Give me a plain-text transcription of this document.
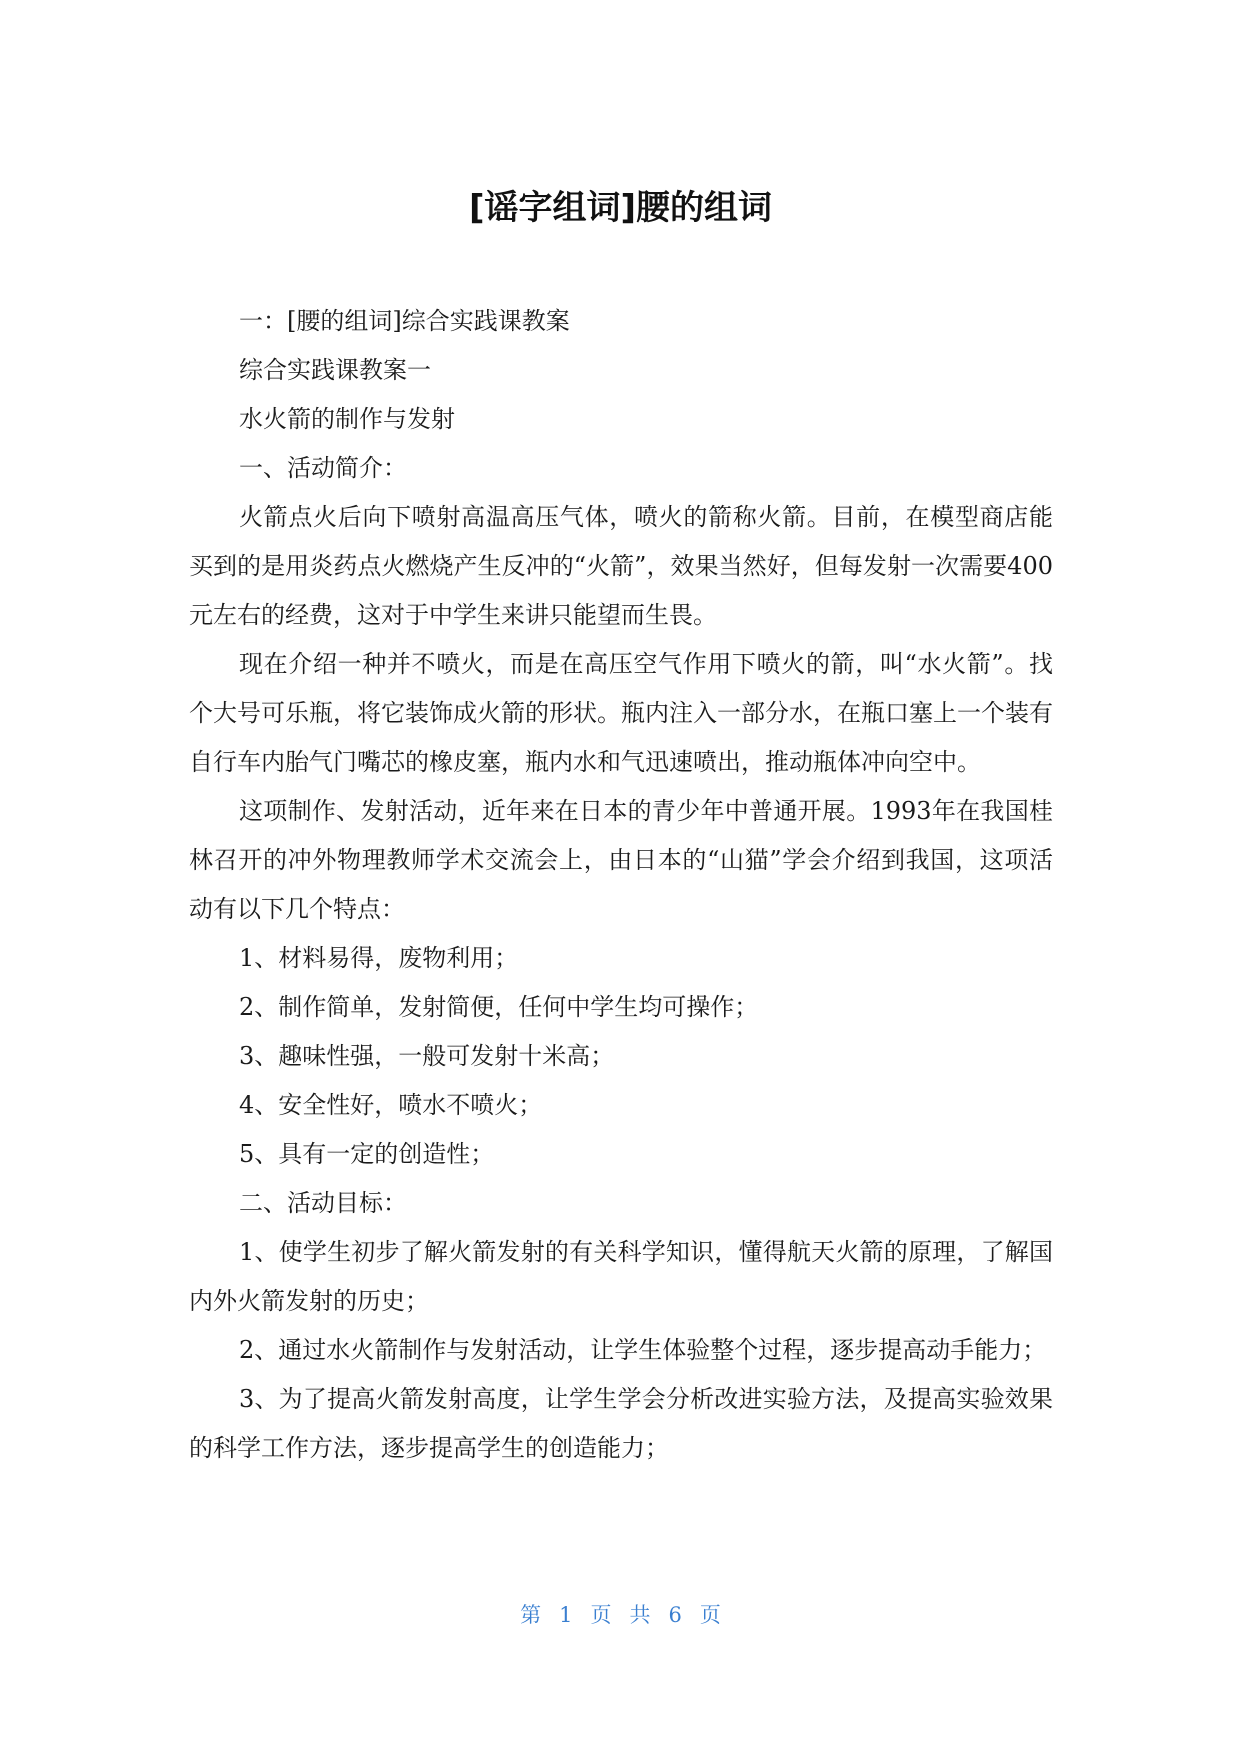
[谣字组词]腰的组词

一：[腰的组词]综合实践课教案

综合实践课教案一

水火箭的制作与发射

一、活动简介：

火箭点火后向下喷射高温高压气体，喷火的箭称火箭。目前，在模型商店能买到的是用炎药点火燃烧产生反冲的“火箭”，效果当然好，但每发射一次需要400元左右的经费，这对于中学生来讲只能望而生畏。

现在介绍一种并不喷火，而是在高压空气作用下喷火的箭，叫“水火箭”。找个大号可乐瓶，将它装饰成火箭的形状。瓶内注入一部分水，在瓶口塞上一个装有自行车内胎气门嘴芯的橡皮塞，瓶内水和气迅速喷出，推动瓶体冲向空中。

这项制作、发射活动，近年来在日本的青少年中普通开展。1993年在我国桂林召开的冲外物理教师学术交流会上，由日本的“山猫”学会介绍到我国，这项活动有以下几个特点：

1、材料易得，废物利用；

2、制作简单，发射简便，任何中学生均可操作；

3、趣味性强，一般可发射十米高；

4、安全性好，喷水不喷火；

5、具有一定的创造性；

二、活动目标：

1、使学生初步了解火箭发射的有关科学知识，懂得航天火箭的原理，了解国内外火箭发射的历史；

2、通过水火箭制作与发射活动，让学生体验整个过程，逐步提高动手能力；

3、为了提高火箭发射高度，让学生学会分析改进实验方法，及提高实验效果的科学工作方法，逐步提高学生的创造能力；

第 1 页 共 6 页
